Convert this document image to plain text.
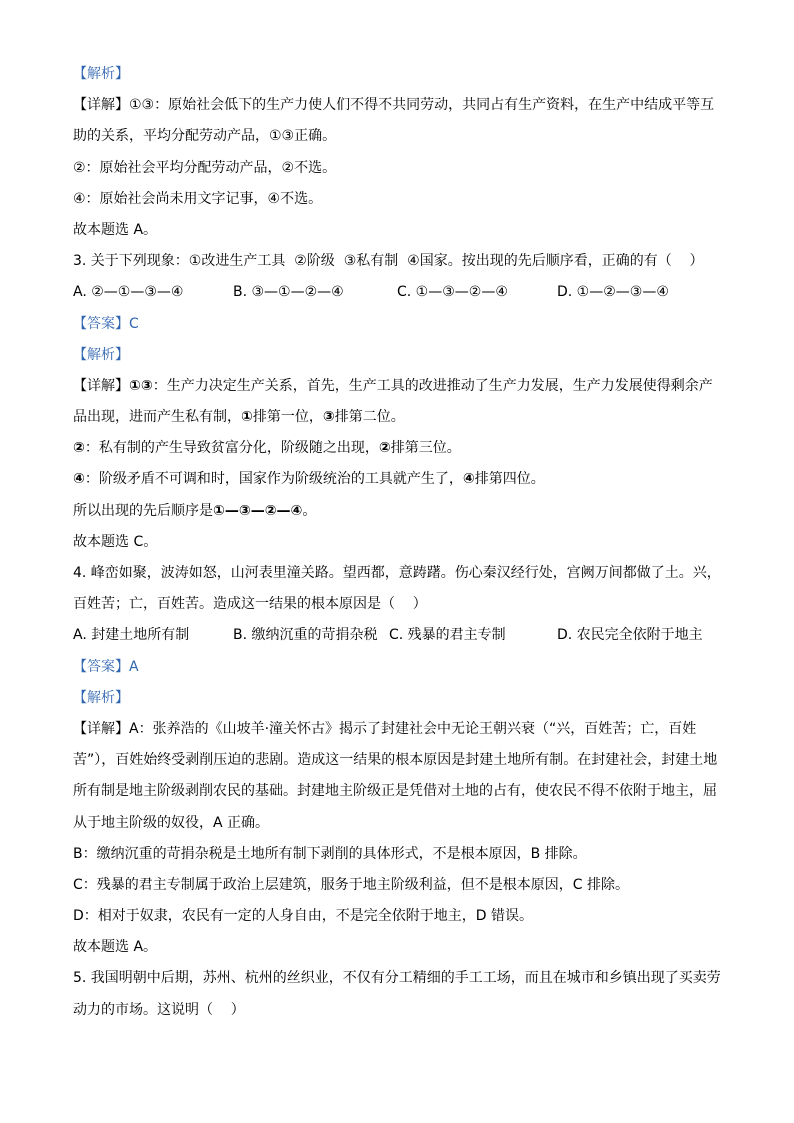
【解析】
【详解】①③：原始社会低下的生产力使人们不得不共同劳动，共同占有生产资料，在生产中结成平等互
助的关系，平均分配劳动产品，①③正确。
②：原始社会平均分配劳动产品，②不选。
④：原始社会尚未用文字记事，④不选。
故本题选 A。
3. 关于下列现象：①改进生产工具  ②阶级  ③私有制  ④国家。按出现的先后顺序看，正确的有（    ）
A. ②—①—③—④	B. ③—①—②—④	C. ①—③—②—④	D. ①—②—③—④
【答案】C
【解析】
【详解】①③：生产力决定生产关系，首先，生产工具的改进推动了生产力发展，生产力发展使得剩余产
品出现，进而产生私有制，①排第一位，③排第二位。
②：私有制的产生导致贫富分化，阶级随之出现，②排第三位。
④：阶级矛盾不可调和时，国家作为阶级统治的工具就产生了，④排第四位。
所以出现的先后顺序是①—③—②—④。
故本题选 C。
4. 峰峦如聚，波涛如怒，山河表里潼关路。望西都，意踌躇。伤心秦汉经行处，宫阙万间都做了土。兴，
百姓苦；亡，百姓苦。造成这一结果的根本原因是（    ）
A. 封建土地所有制	B. 缴纳沉重的苛捐杂税 C. 残暴的君主专制	D. 农民完全依附于地主
【答案】A
【解析】
【详解】A：张养浩的《山坡羊·潼关怀古》揭示了封建社会中无论王朝兴衰（“兴，百姓苦；亡，百姓
苦”），百姓始终受剥削压迫的悲剧。造成这一结果的根本原因是封建土地所有制。在封建社会，封建土地
所有制是地主阶级剥削农民的基础。封建地主阶级正是凭借对土地的占有，使农民不得不依附于地主，屈
从于地主阶级的奴役，A 正确。
B：缴纳沉重的苛捐杂税是土地所有制下剥削的具体形式，不是根本原因，B 排除。
C：残暴的君主专制属于政治上层建筑，服务于地主阶级利益，但不是根本原因，C 排除。
D：相对于奴隶，农民有一定的人身自由，不是完全依附于地主，D 错误。
故本题选 A。
5. 我国明朝中后期，苏州、杭州的丝织业，不仅有分工精细的手工工场，而且在城市和乡镇出现了买卖劳
动力的市场。这说明（    ）
